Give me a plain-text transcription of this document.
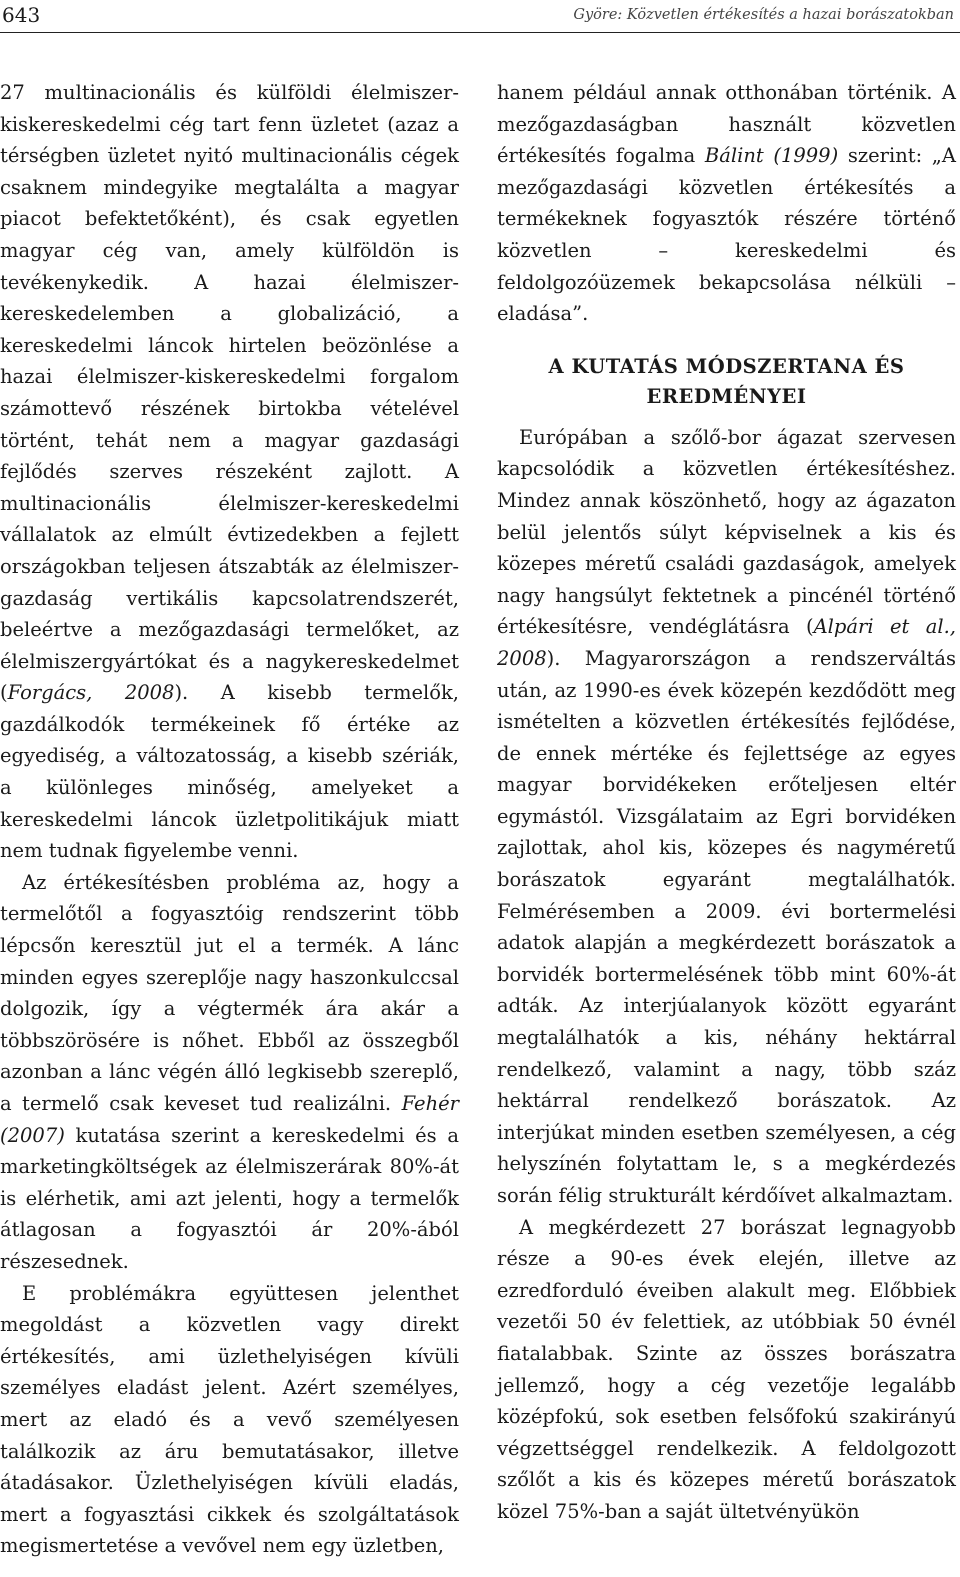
643	Györe: Közvetlen értékesítés a hazai borászatokban

27 multinacionális és külföldi élelmiszerkiskereskedelmi cég tart fenn üzletet (azaz a térségben üzletet nyitó multinacionális cégek csaknem mindegyike megtalálta a magyar piacot befektetőként), és csak egyetlen magyar cég van, amely külföldön is tevékenykedik. A hazai élelmiszer-kereskedelemben a globalizáció, a kereskedelmi láncok hirtelen beözönlése a hazai élelmiszer-kiskereskedelmi forgalom számottevő részének birtokba vételével történt, tehát nem a magyar gazdasági fejlődés szerves részeként zajlott. A multinacionális élelmiszer-kereskedelmi vállalatok az elmúlt évtizedekben a fejlett országokban teljesen átszabták az élelmiszer-gazdaság vertikális kapcsolatrendszerét, beleértve a mezőgazdasági termelőket, az élelmiszergyártókat és a nagykereskedelmet (Forgács, 2008). A kisebb termelők, gazdálkodók termékeinek fő értéke az egyediség, a változatosság, a kisebb szériák, a különleges minőség, amelyeket a kereskedelmi láncok üzletpolitikájuk miatt nem tudnak figyelembe venni.

Az értékesítésben probléma az, hogy a termelőtől a fogyasztóig rendszerint több lépcsőn keresztül jut el a termék. A lánc minden egyes szereplője nagy haszonkulccsal dolgozik, így a végtermék ára akár a többszörösére is nőhet. Ebből az összegből azonban a lánc végén álló legkisebb szereplő, a termelő csak keveset tud realizálni. Fehér (2007) kutatása szerint a kereskedelmi és a marketingköltségek az élelmiszerárak 80%-át is elérhetik, ami azt jelenti, hogy a termelők átlagosan a fogyasztói ár 20%-ából részesednek.

E problémákra együttesen jelenthet megoldást a közvetlen vagy direkt értékesítés, ami üzlethelyiségen kívüli személyes eladást jelent. Azért személyes, mert az eladó és a vevő személyesen találkozik az áru bemutatásakor, illetve átadásakor. Üzlethelyiségen kívüli eladás, mert a fogyasztási cikkek és szolgáltatások megismertetése a vevővel nem egy üzletben,

hanem például annak otthonában történik. A mezőgazdaságban használt közvetlen értékesítés fogalma Bálint (1999) szerint: „A mezőgazdasági közvetlen értékesítés a termékeknek fogyasztók részére történő közvetlen – kereskedelmi és feldolgozóüzemek bekapcsolása nélküli – eladása”.

A KUTATÁS MÓDSZERTANA ÉS EREDMÉNYEI

Európában a szőlő-bor ágazat szervesen kapcsolódik a közvetlen értékesítéshez. Mindez annak köszönhető, hogy az ágazaton belül jelentős súlyt képviselnek a kis és közepes méretű családi gazdaságok, amelyek nagy hangsúlyt fektetnek a pincénél történő értékesítésre, vendéglátásra (Alpári et al., 2008). Magyarországon a rendszerváltás után, az 1990-es évek közepén kezdődött meg ismételten a közvetlen értékesítés fejlődése, de ennek mértéke és fejlettsége az egyes magyar borvidékeken erőteljesen eltér egymástól. Vizsgálataim az Egri borvidéken zajlottak, ahol kis, közepes és nagyméretű borászatok egyaránt megtalálhatók. Felmérésemben a 2009. évi bortermelési adatok alapján a megkérdezett borászatok a borvidék bortermelésének több mint 60%-át adták. Az interjúalanyok között egyaránt megtalálhatók a kis, néhány hektárral rendelkező, valamint a nagy, több száz hektárral rendelkező borászatok. Az interjúkat minden esetben személyesen, a cég helyszínén folytattam le, s a megkérdezés során félig strukturált kérdőívet alkalmaztam.

A megkérdezett 27 borászat legnagyobb része a 90-es évek elején, illetve az ezredforduló éveiben alakult meg. Előbbiek vezetői 50 év felettiek, az utóbbiak 50 évnél fiatalabbak. Szinte az összes borászatra jellemző, hogy a cég vezetője legalább középfokú, sok esetben felsőfokú szakirányú végzettséggel rendelkezik. A feldolgozott szőlőt a kis és közepes méretű borászatok közel 75%-ban a saját ültetvényükön
